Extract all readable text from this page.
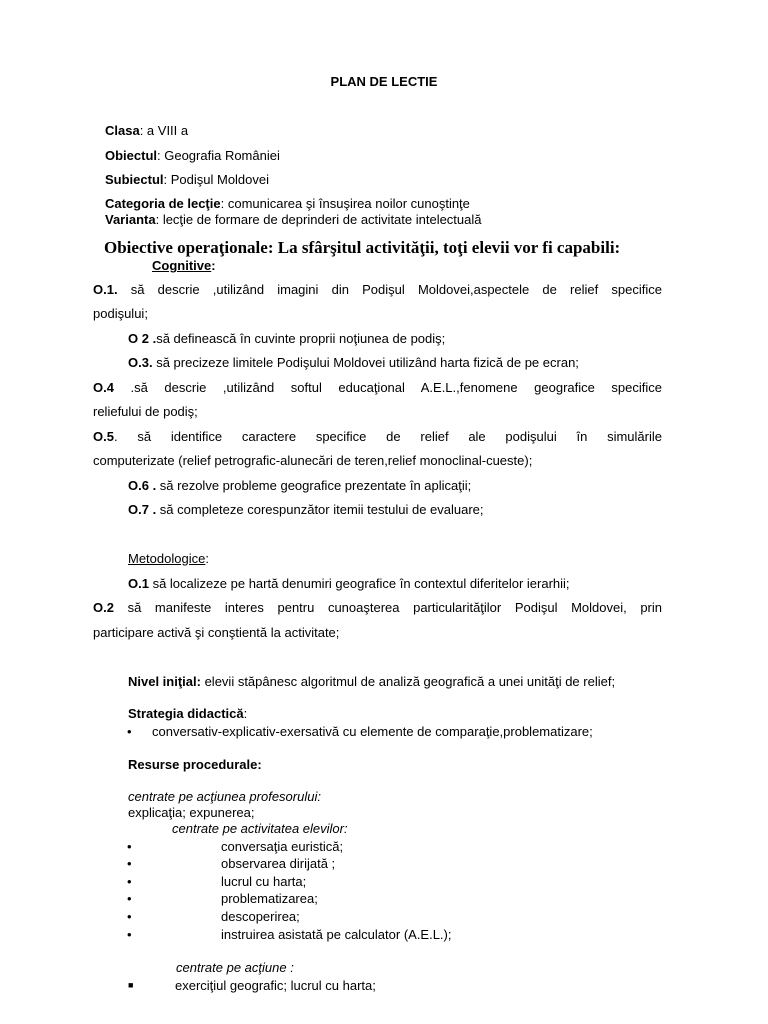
PLAN DE LECTIE
Clasa: a VIII a
Obiectul: Geografia României
Subiectul: Podişul Moldovei
Categoria de lecţie: comunicarea şi însuşirea noilor cunoştinţe
Varianta: lecţie de formare de deprinderi de activitate intelectuală
Obiective operaţionale: La sfârşitul activităţii, toţi elevii vor fi capabili:
Cognitive:
O.1. să descrie ,utilizând imagini din Podişul Moldovei,aspectele de relief specifice
podişului;
O 2 .să definească în cuvinte proprii noţiunea de podiş;
O.3. să precizeze limitele Podişului Moldovei utilizând harta fizică de pe ecran;
O.4 .să descrie ,utilizând softul educaţional A.E.L.,fenomene geografice specifice
reliefului de podiş;
O.5. să identifice caractere specifice de relief ale podişului în simulările
computerizate (relief petrografic-alunecări de teren,relief monoclinal-cueste);
O.6 . să rezolve probleme geografice prezentate în aplicaţii;
O.7 . să completeze corespunzător itemii testului de evaluare;
Metodologice:
O.1 să localizeze pe hartă denumiri geografice în contextul diferitelor ierarhii;
O.2 să manifeste interes pentru cunoaşterea particularităţilor Podişul Moldovei, prin
participare activă şi conştientă la activitate;
Nivel iniţial: elevii stăpânesc algoritmul de analiză geografică a unei unităţi de relief;
Strategia didactică:
•	conversativ-explicativ-exersativă cu elemente de comparaţie,problematizare;
Resurse procedurale:
centrate pe acţiunea profesorului:
explicaţia; expunerea;
centrate pe activitatea elevilor:
•	conversaţia euristică;
•	observarea dirijată ;
•	lucrul cu harta;
•	problematizarea;
•	descoperirea;
•	instruirea asistată pe calculator (A.E.L.);
centrate pe acţiune :
■	exerciţiul geografic; lucrul cu harta;
